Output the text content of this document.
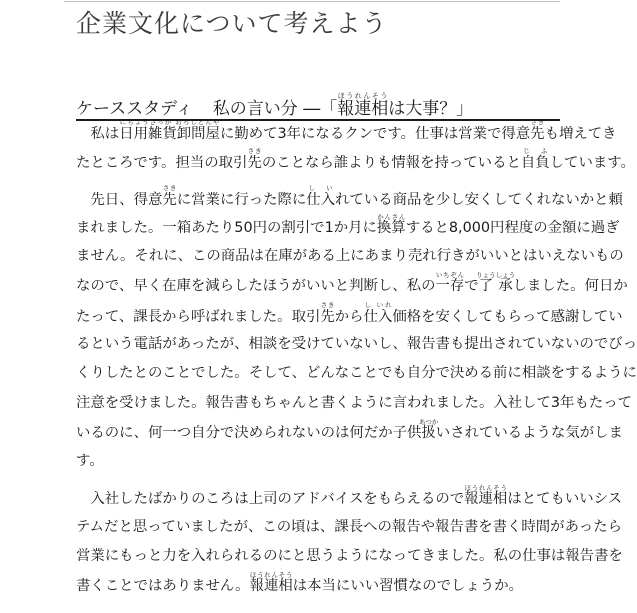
企業文化について考えよう
ケーススタディ 私の言い分 ―「報連相ほうれんそうは大事？」
私は日用雑貨卸問屋にちようざっか おろしどんやに勤めて3年になるクンです。仕事は営業で得意先さきも増えてき
たところです。担当の取引先さきのことなら誰よりも情報を持っていると自負じ ふしています。
先日、得意先さきに営業に行った際に仕入し いれている商品を少し安くしてくれないかと頼
まれました。一箱あたり50円の割引で1か月に換算かんさんすると8,000円程度の金額に過ぎ
ません。それに、この商品は在庫がある上にあまり売れ行きがいいとはいえないもの
なので、早く在庫を減らしたほうがいいと判断し、私の一存いちぞんで了承りょうしょうしました。何日か
たって、課長から呼ばれました。取引先さきから仕入し いれ価格を安くしてもらって感謝してい
るという電話があったが、相談を受けていないし、報告書も提出されていないのでびっ
くりしたとのことでした。そして、どんなことでも自分で決める前に相談をするように
注意を受けました。報告書もちゃんと書くように言われました。入社して3年もたって
いるのに、何一つ自分で決められないのは何だか子供扱あつかいされているような気がしま
す。
入社したばかりのころは上司のアドバイスをもらえるので報連相ほうれんそうはとてもいいシス
テムだと思っていましたが、この頃は、課長への報告や報告書を書く時間があったら
営業にもっと力を入れられるのにと思うようになってきました。私の仕事は報告書を
書くことではありません。報連相ほうれんそうは本当にいい習慣なのでしょうか。
